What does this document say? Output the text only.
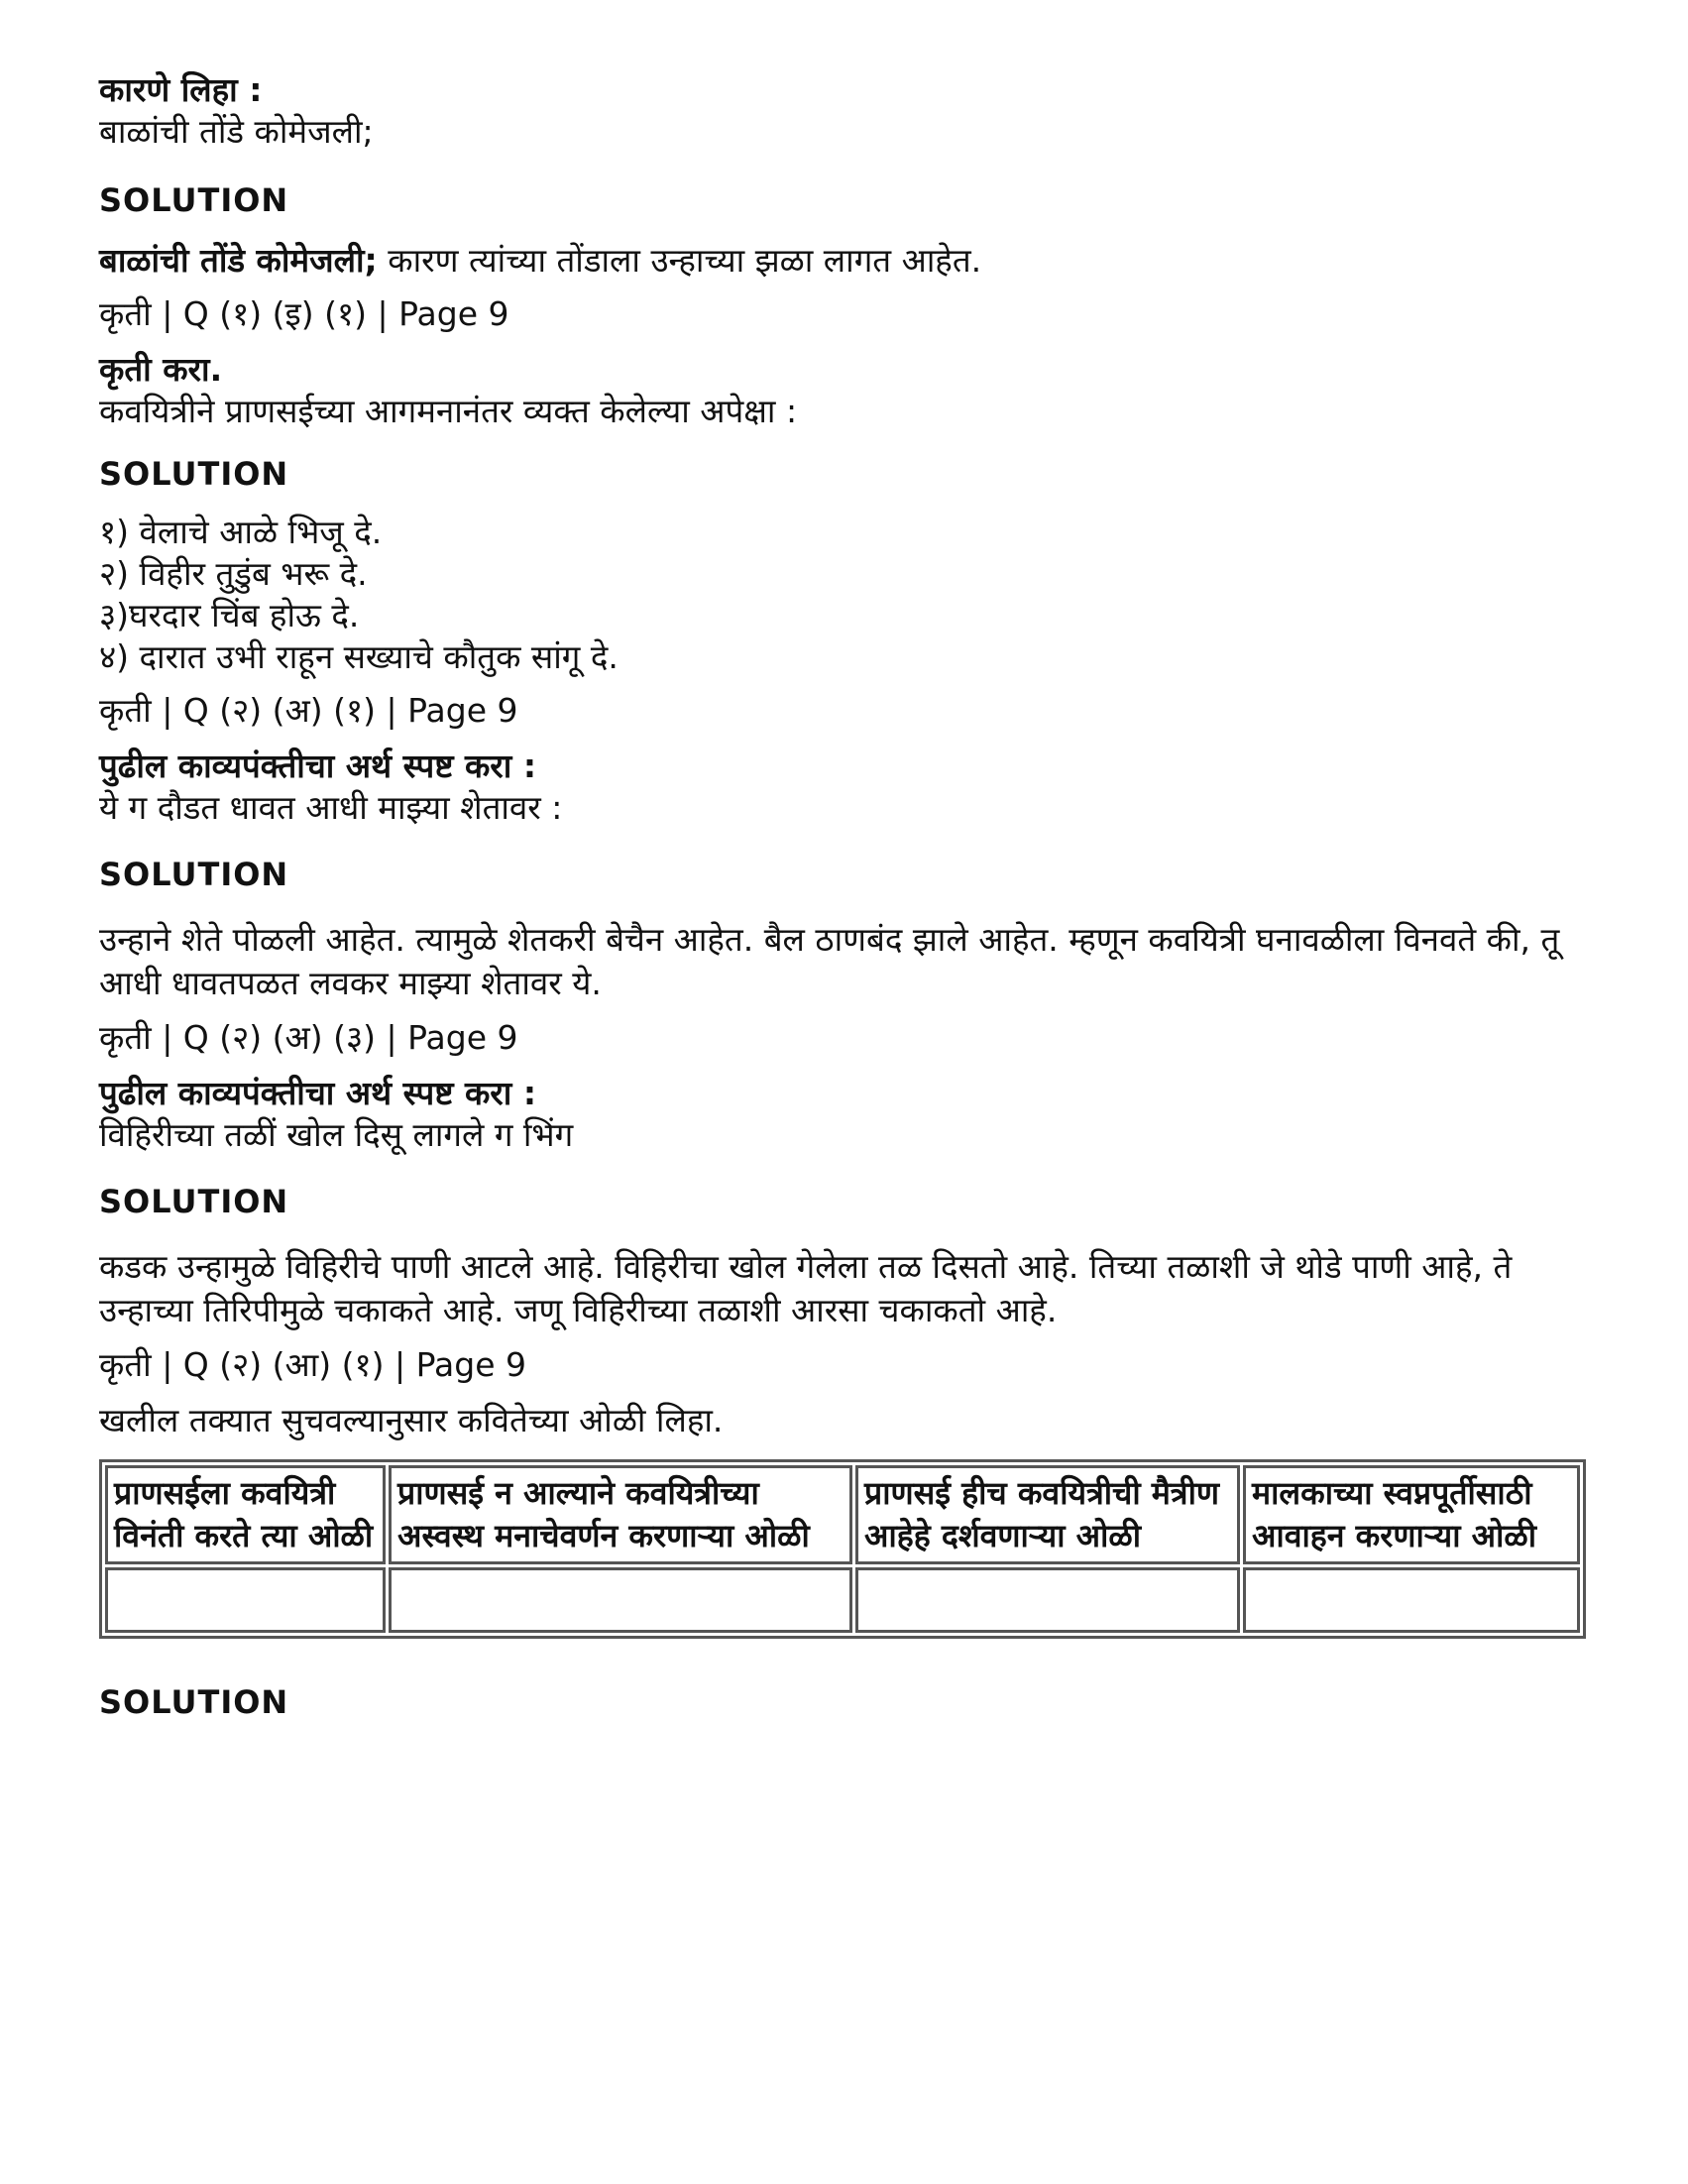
कारणे लिहा :

बाळांची तोंडे कोमेजली;

SOLUTION

बाळांची तोंडे कोमेजली; कारण त्यांच्या तोंडाला उन्हाच्या झळा लागत आहेत.

कृती | Q (१) (इ) (१) | Page 9

कृती करा.

कवयित्रीने प्राणसईच्या आगमनानंतर व्यक्त केलेल्या अपेक्षा :

SOLUTION

१) वेलाचे आळे भिजू दे.

२) विहीर तुडुंब भरू दे.

३)घरदार चिंब होऊ दे.

४) दारात उभी राहून सख्याचे कौतुक सांगू दे.

कृती | Q (२) (अ) (१) | Page 9

पुढील काव्यपंक्तीचा अर्थ स्पष्ट करा :

ये ग दौडत धावत आधी माझ्या शेतावर :

SOLUTION

उन्हाने शेते पोळली आहेत. त्यामुळे शेतकरी बेचैन आहेत. बैल ठाणबंद झाले आहेत. म्हणून कवयित्री घनावळीला विनवते की, तू आधी धावतपळत लवकर माझ्या शेतावर ये.

कृती | Q (२) (अ) (३) | Page 9

पुढील काव्यपंक्तीचा अर्थ स्पष्ट करा :

विहिरीच्या तळीं खोल दिसू लागले ग भिंग

SOLUTION

कडक उन्हामुळे विहिरीचे पाणी आटले आहे. विहिरीचा खोल गेलेला तळ दिसतो आहे. तिच्या तळाशी जे थोडे पाणी आहे, ते उन्हाच्या तिरिपीमुळे चकाकते आहे. जणू विहिरीच्या तळाशी आरसा चकाकतो आहे.

कृती | Q (२) (आ) (१) | Page 9

खलील तक्यात सुचवल्यानुसार कवितेच्या ओळी लिहा.

प्राणसईला कवयित्री विनंती करते त्या ओळी	प्राणसई न आल्याने कवयित्रीच्या अस्वस्थ मनाचेवर्णन करणाऱ्या ओळी	प्राणसई हीच कवयित्रीची मैत्रीण आहेहे दर्शवणाऱ्या ओळी	मालकाच्या स्वप्नपूर्तीसाठी आवाहन करणाऱ्या ओळी

SOLUTION
